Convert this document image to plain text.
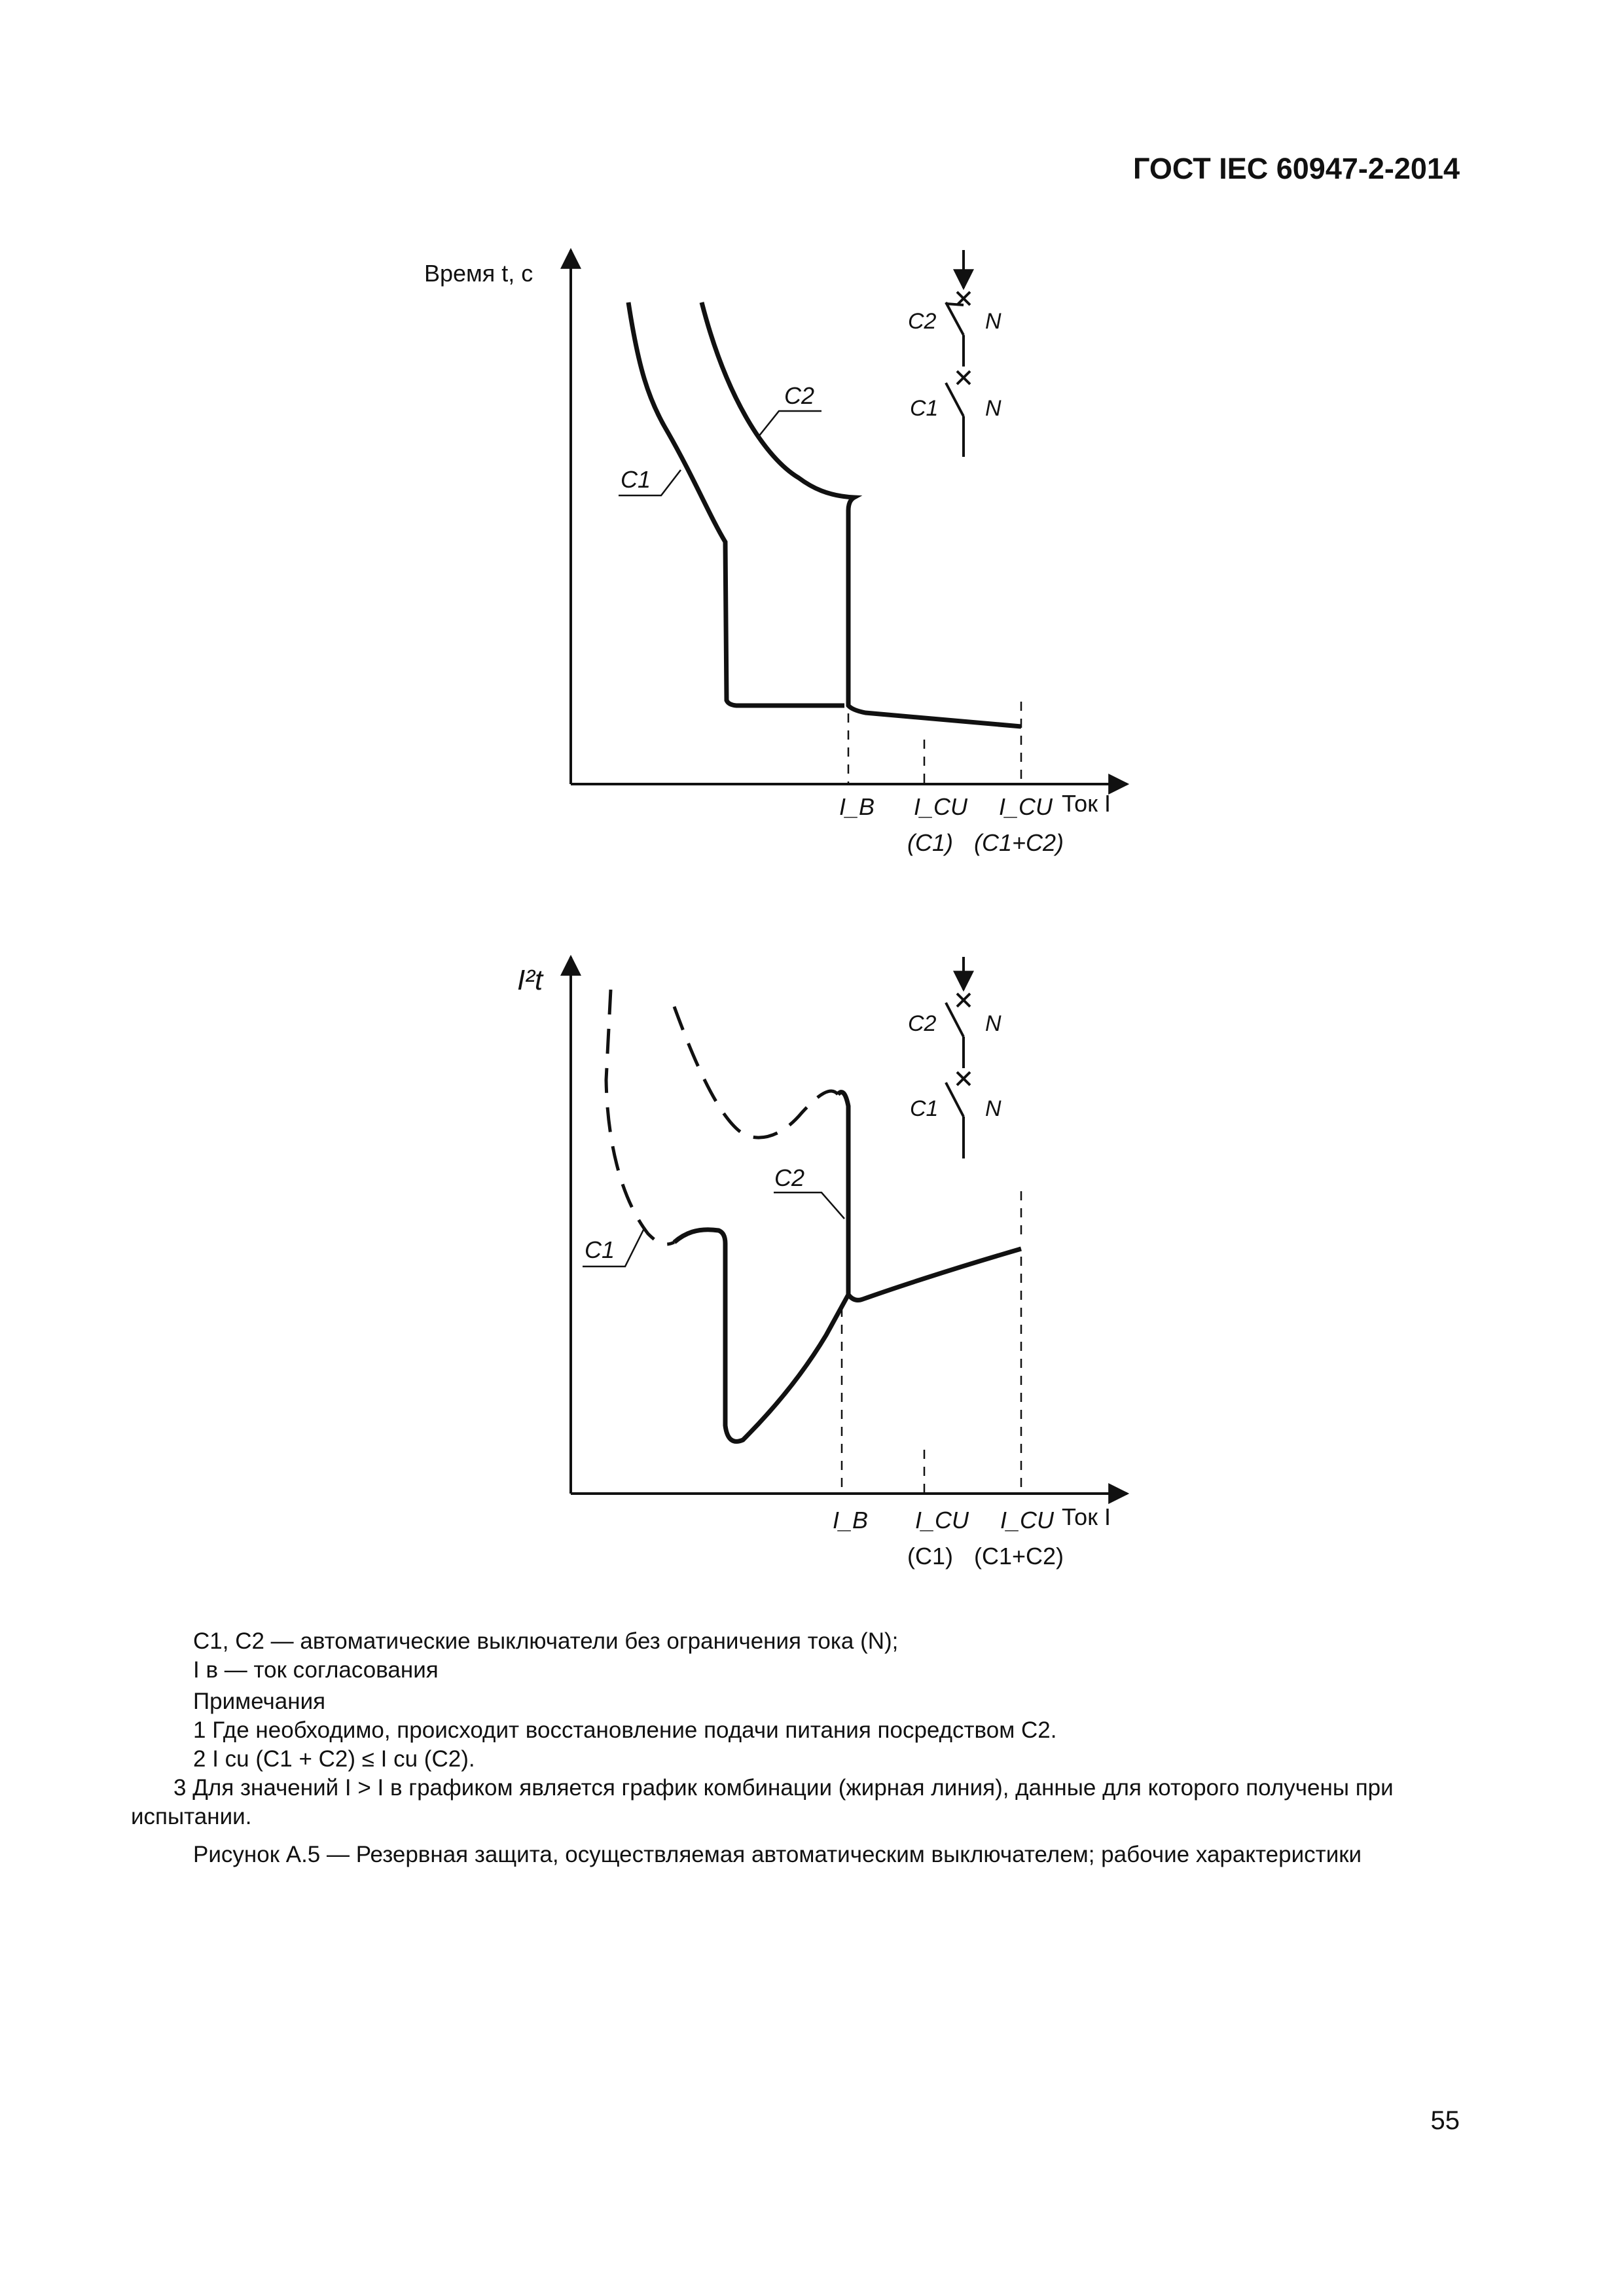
ГОСТ IEC 60947-2-2014
Время t, с
C2
C1
I_B I_CU I_CU Ток I
(C1) (C1+C2)
C2 N
C1 N
I²t
C2
C1
I_B I_CU I_CU Ток I
(C1) (C1+C2)
C2 N
C1 N

C1, C2 — автоматические выключатели без ограничения тока (N);

I в — ток согласования

Примечания

1 Где необходимо, происходит восстановление подачи питания посредством C2.

2 I cu (C1 + C2) ≤ I cu (C2).

3 Для значений I > I в графиком является график комбинации (жирная линия), данные для которого получены при испытании.

Рисунок А.5 — Резервная защита, осуществляемая автоматическим выключателем; рабочие характеристики

55
